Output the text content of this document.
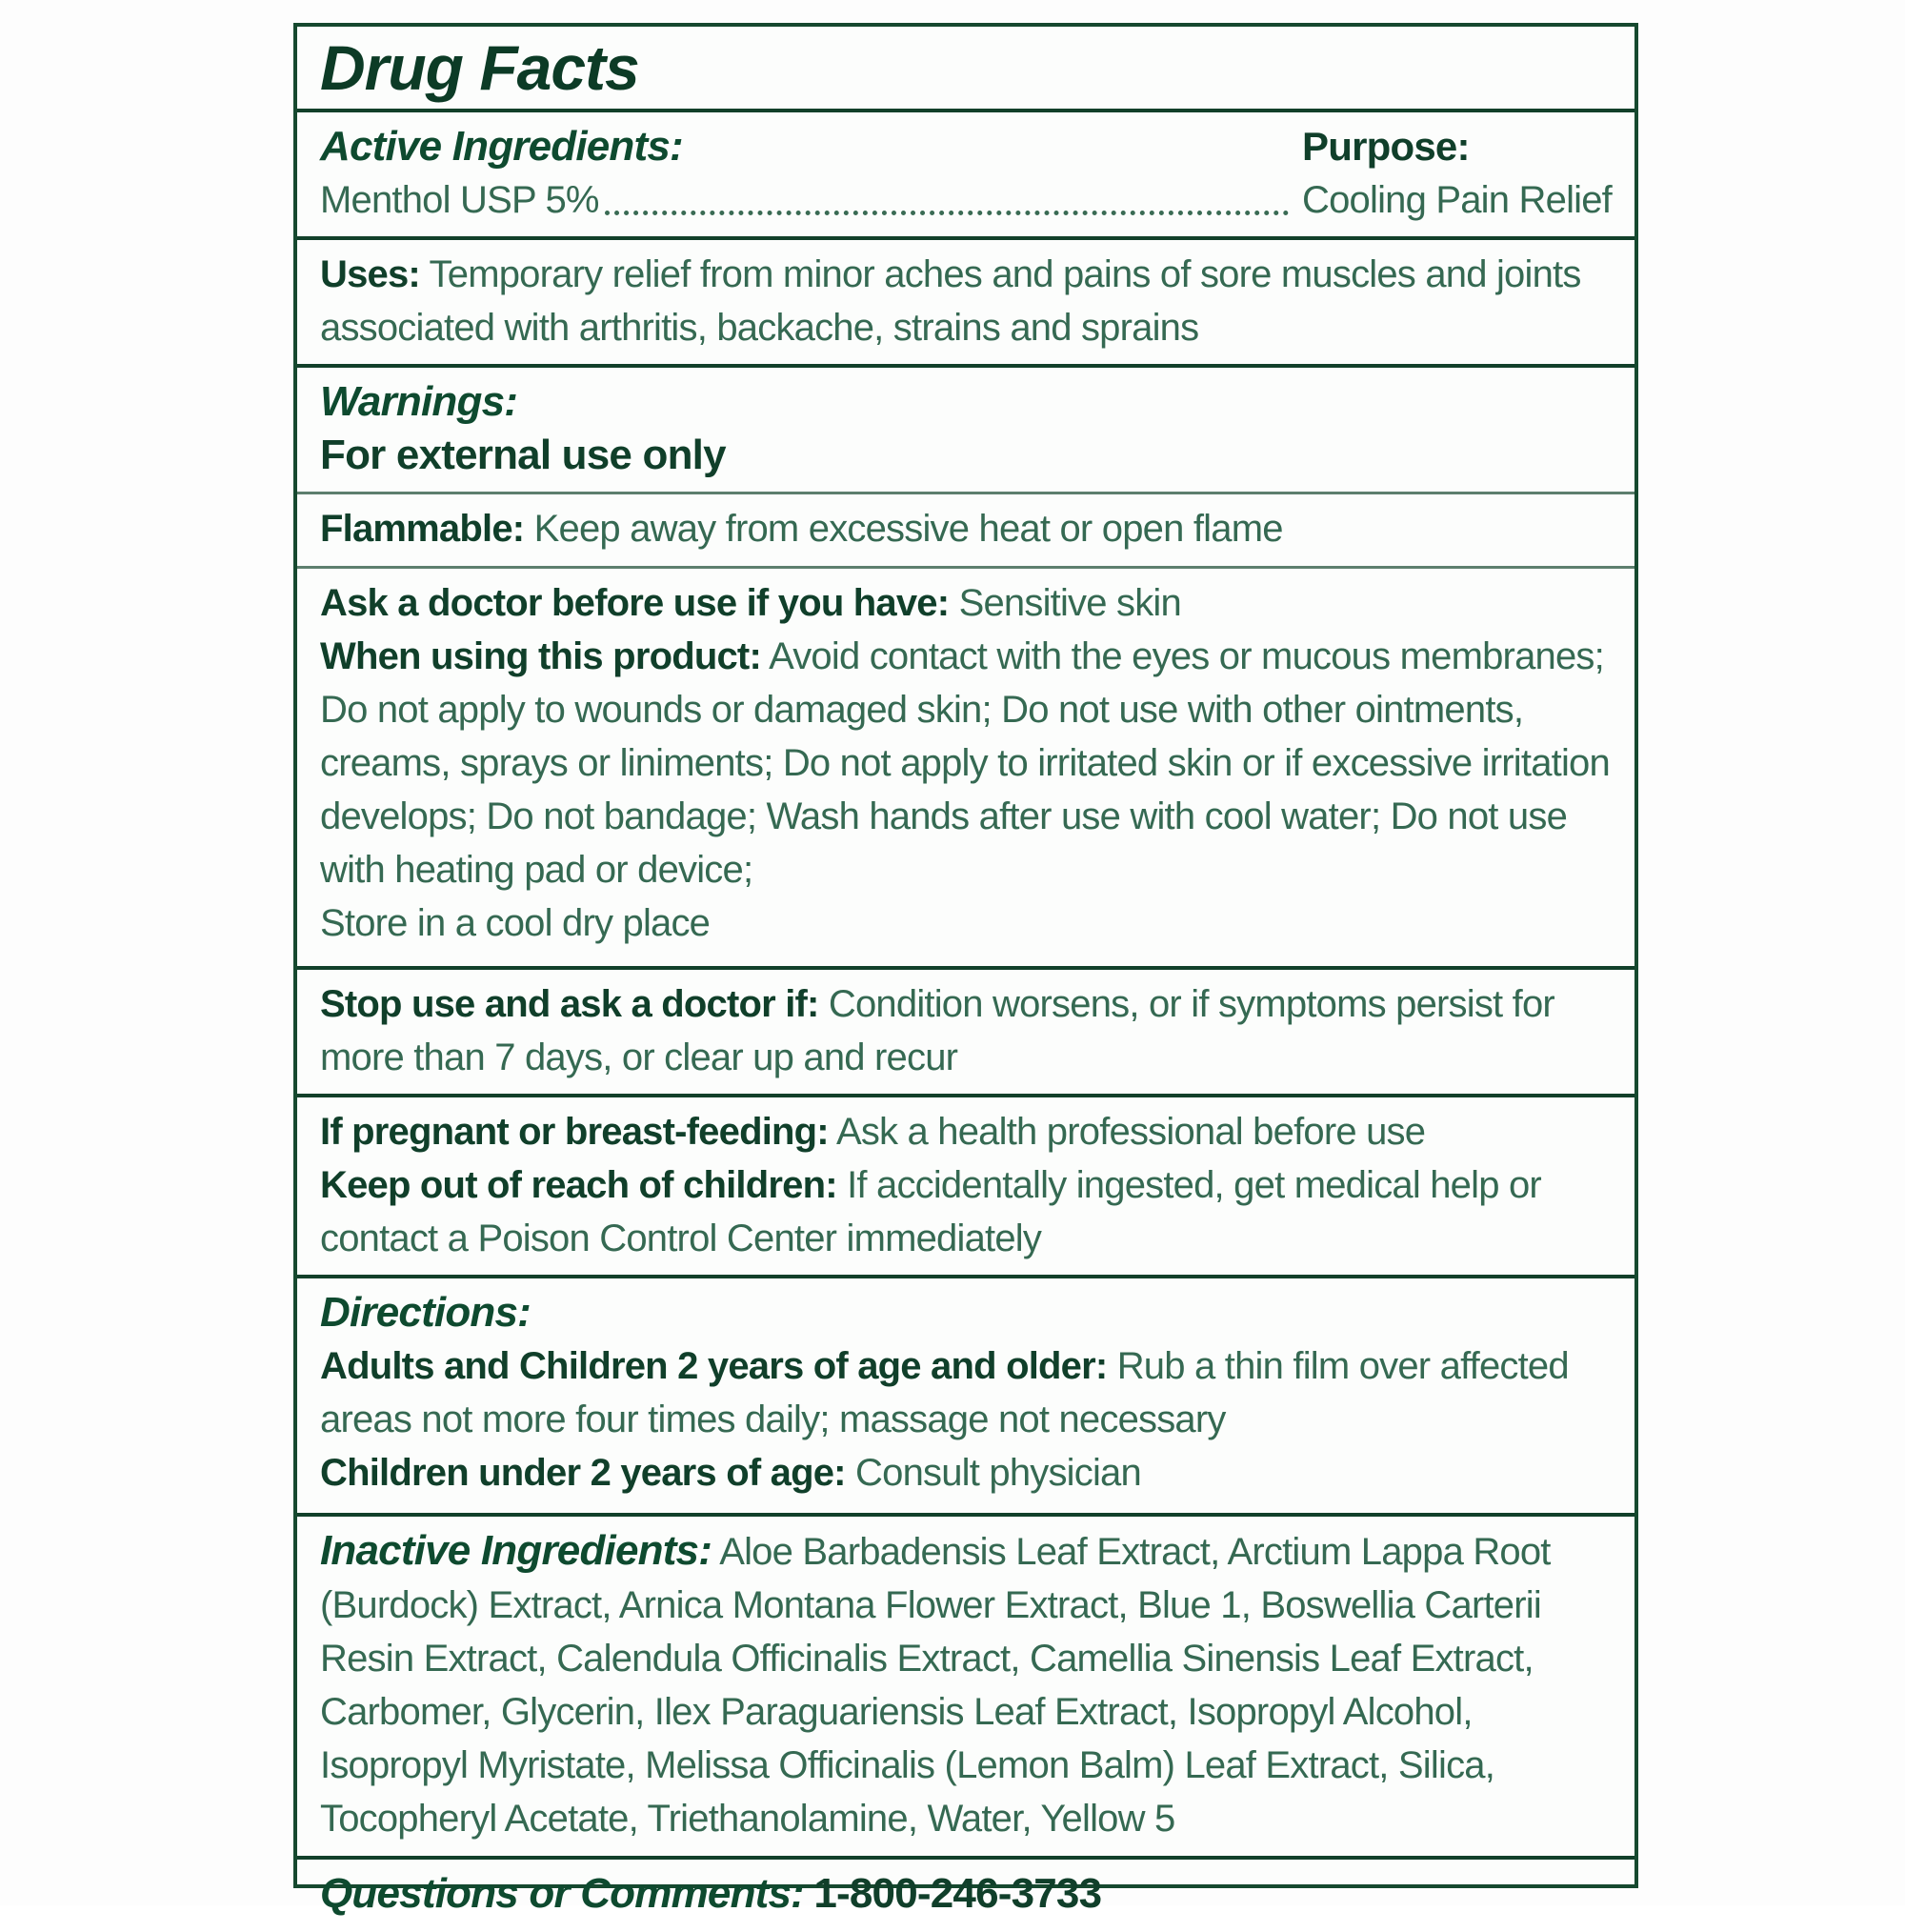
Drug Facts
Active Ingredients:	Purpose:
Menthol USP 5%	Cooling Pain Relief

Uses: Temporary relief from minor aches and pains of sore muscles and joints associated with arthritis, backache, strains and sprains

Warnings:
For external use only

Flammable: Keep away from excessive heat or open flame

Ask a doctor before use if you have: Sensitive skin

When using this product: Avoid contact with the eyes or mucous membranes; Do not apply to wounds or damaged skin; Do not use with other ointments, creams, sprays or liniments; Do not apply to irritated skin or if excessive irritation develops; Do not bandage; Wash hands after use with cool water; Do not use with heating pad or device;

Store in a cool dry place

Stop use and ask a doctor if: Condition worsens, or if symptoms persist for more than 7 days, or clear up and recur

If pregnant or breast-feeding: Ask a health professional before use

Keep out of reach of children: If accidentally ingested, get medical help or contact a Poison Control Center immediately

Directions:

Adults and Children 2 years of age and older: Rub a thin film over affected areas not more four times daily; massage not necessary

Children under 2 years of age: Consult physician

Inactive Ingredients: Aloe Barbadensis Leaf Extract, Arctium Lappa Root (Burdock) Extract, Arnica Montana Flower Extract, Blue 1, Boswellia Carterii Resin Extract, Calendula Officinalis Extract, Camellia Sinensis Leaf Extract, Carbomer, Glycerin, Ilex Paraguariensis Leaf Extract, Isopropyl Alcohol, Isopropyl Myristate, Melissa Officinalis (Lemon Balm) Leaf Extract, Silica, Tocopheryl Acetate, Triethanolamine, Water, Yellow 5

Questions or Comments: 1-800-246-3733
